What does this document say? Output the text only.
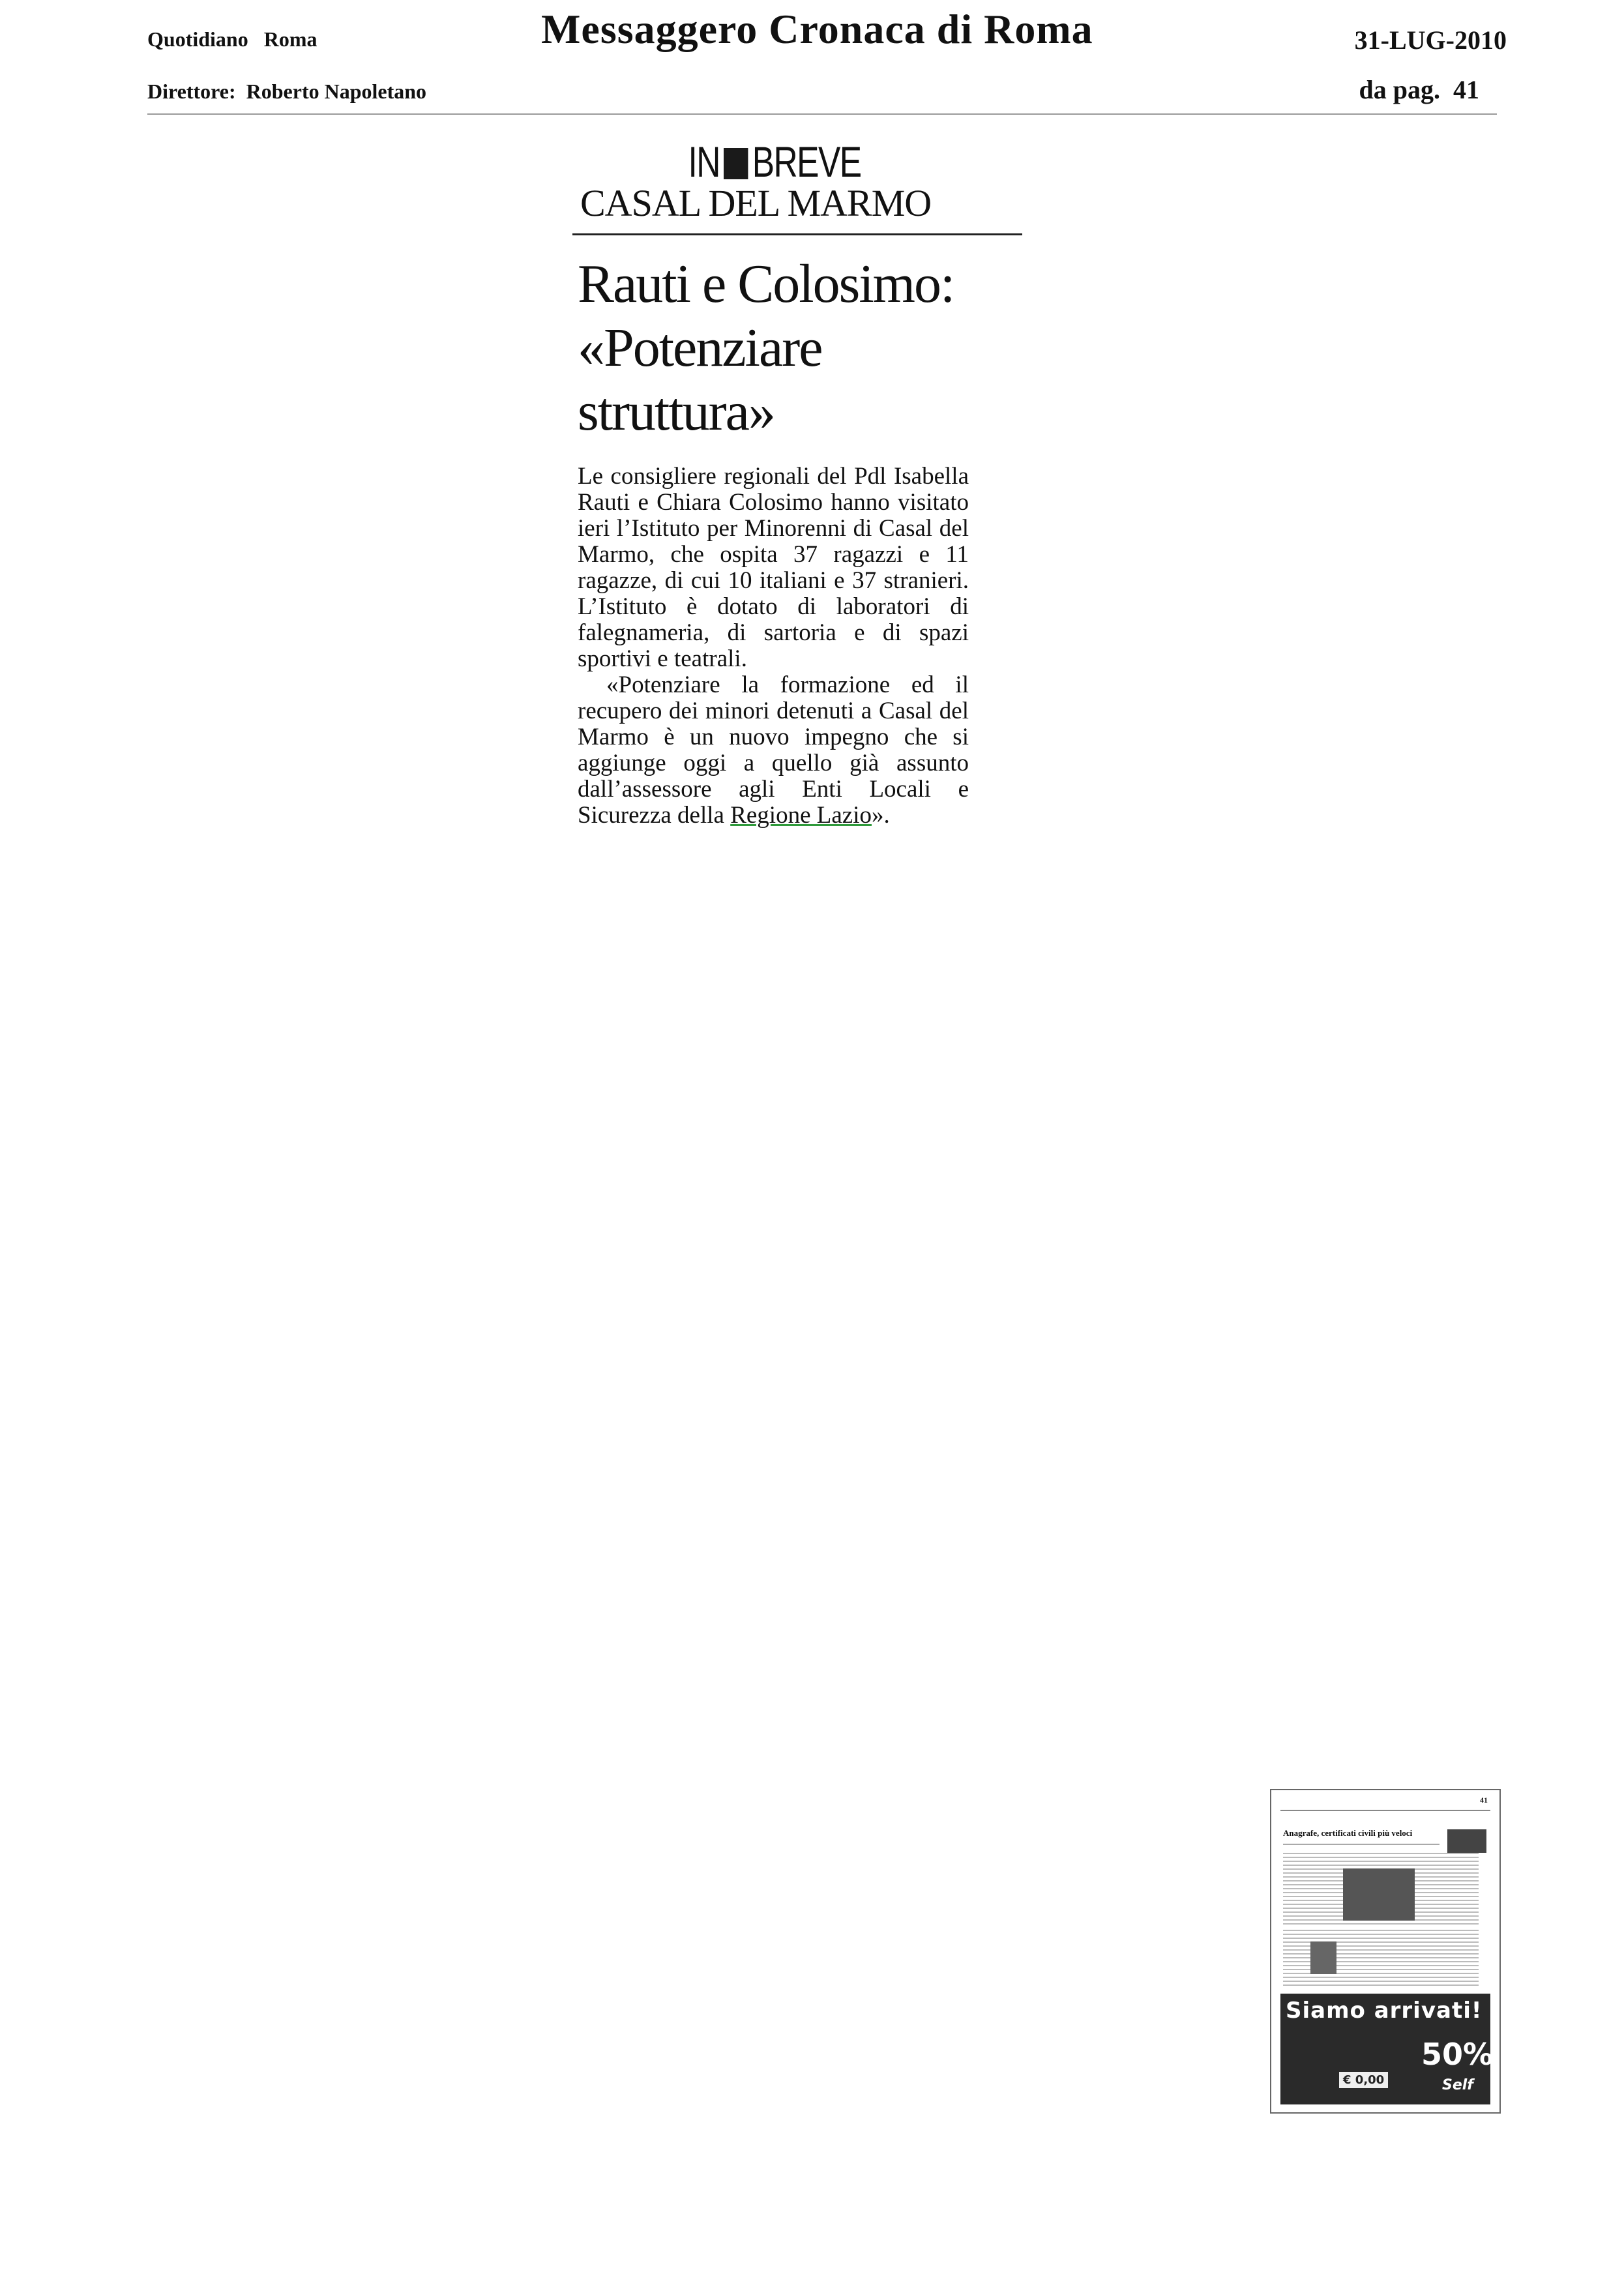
Quotidiano   Roma
Direttore:  Roberto Napoletano
Messaggero Cronaca di Roma	31-LUG-2010
da pag.  41
IN BREVE
CASAL DEL MARMO
Rauti e Colosimo:
«Potenziare struttura»

Le consigliere regionali del Pdl Isabella Rauti e Chiara Colosimo hanno visitato ieri l’Istituto per Minorenni di Casal del Marmo, che ospita 37 ragazzi e 11 ragazze, di cui 10 italiani e 37 stranieri. L’Istituto è dotato di laboratori di falegnameria, di sartoria e di spazi sportivi e teatrali.

«Potenziare la formazione ed il recupero dei minori detenuti a Casal del Marmo è un nuovo impegno che si aggiunge oggi a quello già assunto dall’assessore agli Enti Locali e Sicurezza della Regione Lazio».

41
Anagrafe, certificati civili più veloci
Siamo arrivati!
50%
€ 0,00	Self
